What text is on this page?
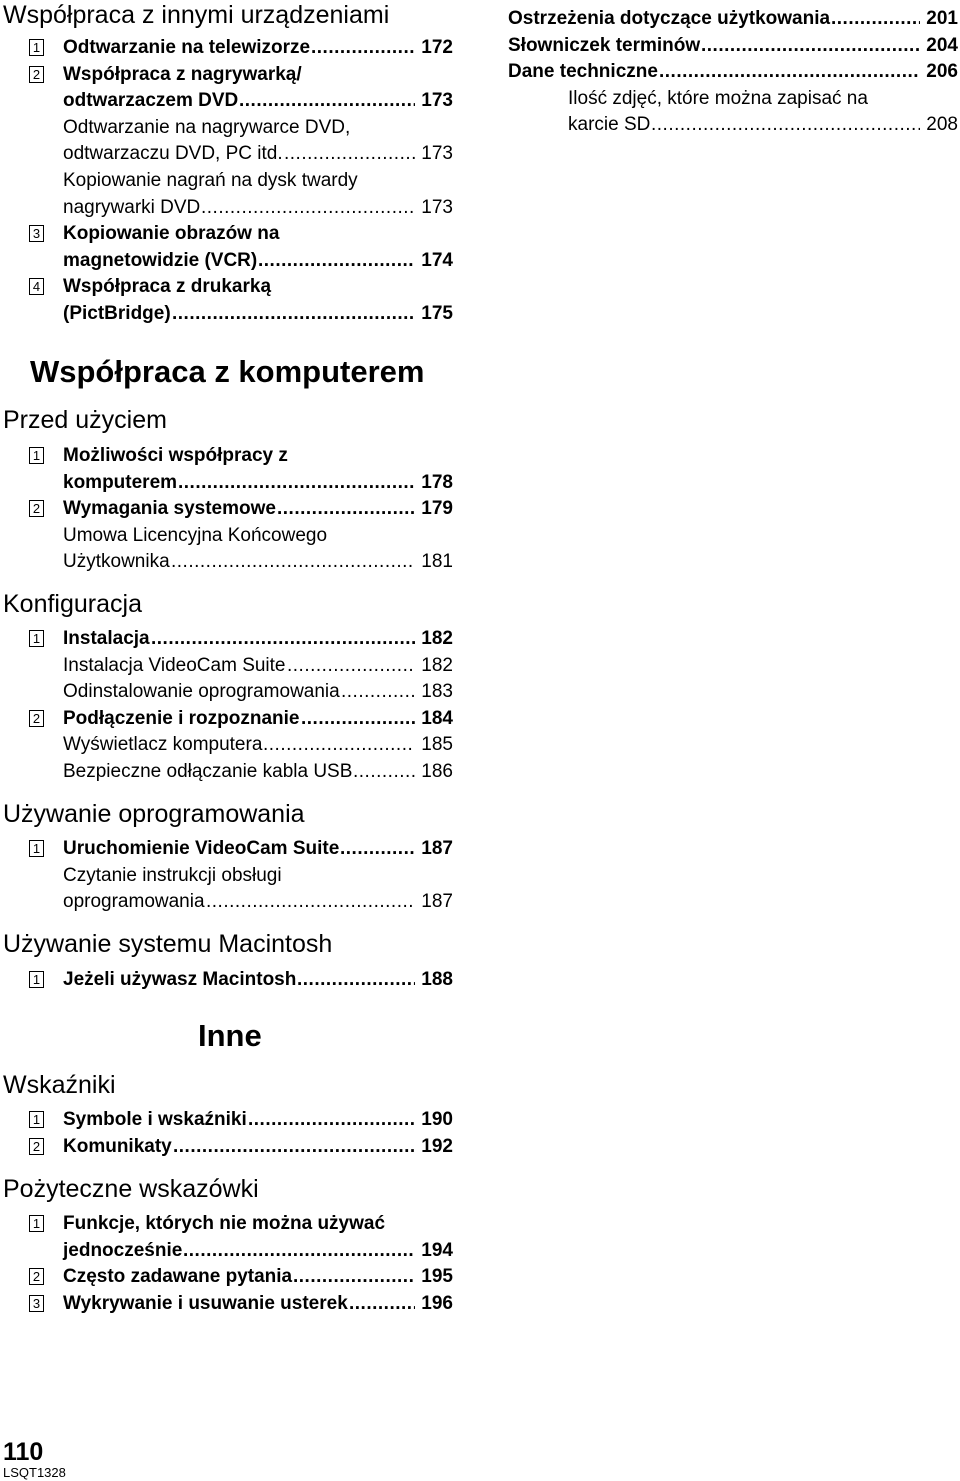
Współpraca z innymi urządzeniami
1 Odtwarzanie na telewizorze	172
.....
2 Współpraca z nagrywarką/
odtwarzaczem DVD	173
.....
Odtwarzanie na nagrywarce DVD,
odtwarzaczu DVD, PC itd.	173
.....
Kopiowanie nagrań na dysk twardy
nagrywarki DVD	173
.....
3 Kopiowanie obrazów na
magnetowidzie (VCR)	174
.....
4 Współpraca z drukarką
(PictBridge)	175
.....
Współpraca z komputerem
Przed użyciem
1 Możliwości współpracy z
komputerem	178
.....
2 Wymagania systemowe	179
.....
Umowa Licencyjna Końcowego
Użytkownika	181
.....
Konfiguracja
1 Instalacja	182
.....
Instalacja VideoCam Suite	182
.....
Odinstalowanie oprogramowania	183
.....
2 Podłączenie i rozpoznanie	184
.....
Wyświetlacz komputera	185
.....
Bezpieczne odłączanie kabla USB	186
.....
Używanie oprogramowania
1 Uruchomienie VideoCam Suite	187
.....
Czytanie instrukcji obsługi
oprogramowania	187
.....
Używanie systemu Macintosh
1 Jeżeli używasz Macintosh	188
.....
Inne
Wskaźniki
1 Symbole i wskaźniki	190
.....
2 Komunikaty	192
.....
Pożyteczne wskazówki
1 Funkcje, których nie można używać
jednocześnie	194
.....
2 Często zadawane pytania	195
.....
3 Wykrywanie i usuwanie usterek	196
.....
Ostrzeżenia dotyczące użytkowania	201
.....
Słowniczek terminów	204
.....
Dane techniczne	206
.....
Ilość zdjęć, które można zapisać na
karcie SD	208
.....
110
LSQT1328
